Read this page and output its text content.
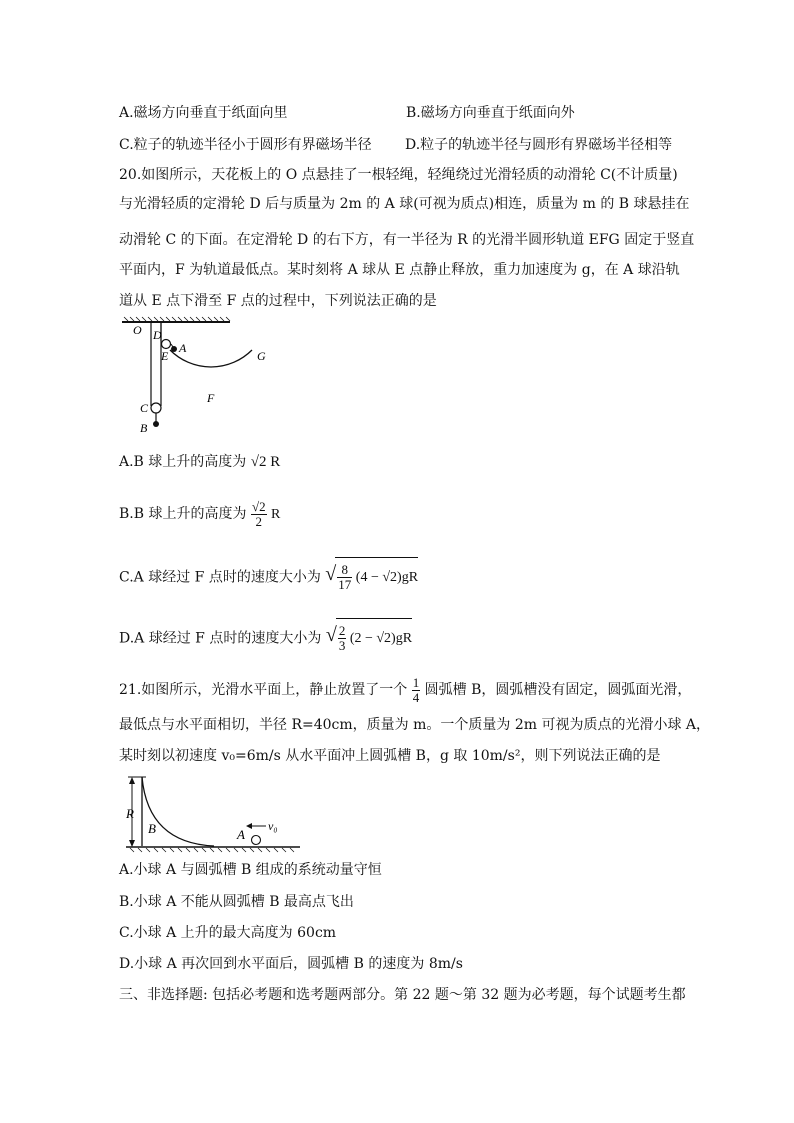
A.磁场方向垂直于纸面向里	B.磁场方向垂直于纸面向外
C.粒子的轨迹半径小于圆形有界磁场半径 D.粒子的轨迹半径与圆形有界磁场半径相等
20.如图所示，天花板上的 O 点悬挂了一根轻绳，轻绳绕过光滑轻质的动滑轮 C(不计质量)
与光滑轻质的定滑轮 D 后与质量为 2m 的 A 球(可视为质点)相连，质量为 m 的 B 球悬挂在
动滑轮 C 的下面。在定滑轮 D 的右下方，有一半径为 R 的光滑半圆形轨道 EFG 固定于竖直
平面内，F 为轨道最低点。某时刻将 A 球从 E 点静止释放，重力加速度为 g，在 A 球沿轨
道从 E 点下滑至 F 点的过程中，下列说法正确的是
O D
A
E	G
F
C
B
A.B 球上升的高度为 √2 R
B.B 球上升的高度为 $\frac{√2}{2}$ R
C.A 球经过 F 点时的速度大小为 √ $\frac{8}{17} (4 - √2)gR$
D.A 球经过 F 点时的速度大小为 √ $\frac{2}{3} (2 - √2)gR$
21.如图所示，光滑水平面上，静止放置了一个 $\frac{1}{4}$ 圆弧槽 B，圆弧槽没有固定，圆弧面光滑，
最低点与水平面相切，半径 R=40cm，质量为 m。一个质量为 2m 可视为质点的光滑小球 A，
某时刻以初速度 v₀=6m/s 从水平面冲上圆弧槽 B，g 取 10m/s²，则下列说法正确的是
R
B	A
v₀
A.小球 A 与圆弧槽 B 组成的系统动量守恒
B.小球 A 不能从圆弧槽 B 最高点飞出
C.小球 A 上升的最大高度为 60cm
D.小球 A 再次回到水平面后，圆弧槽 B 的速度为 8m/s
三、非选择题: 包括必考题和选考题两部分。第 22 题～第 32 题为必考题，每个试题考生都
